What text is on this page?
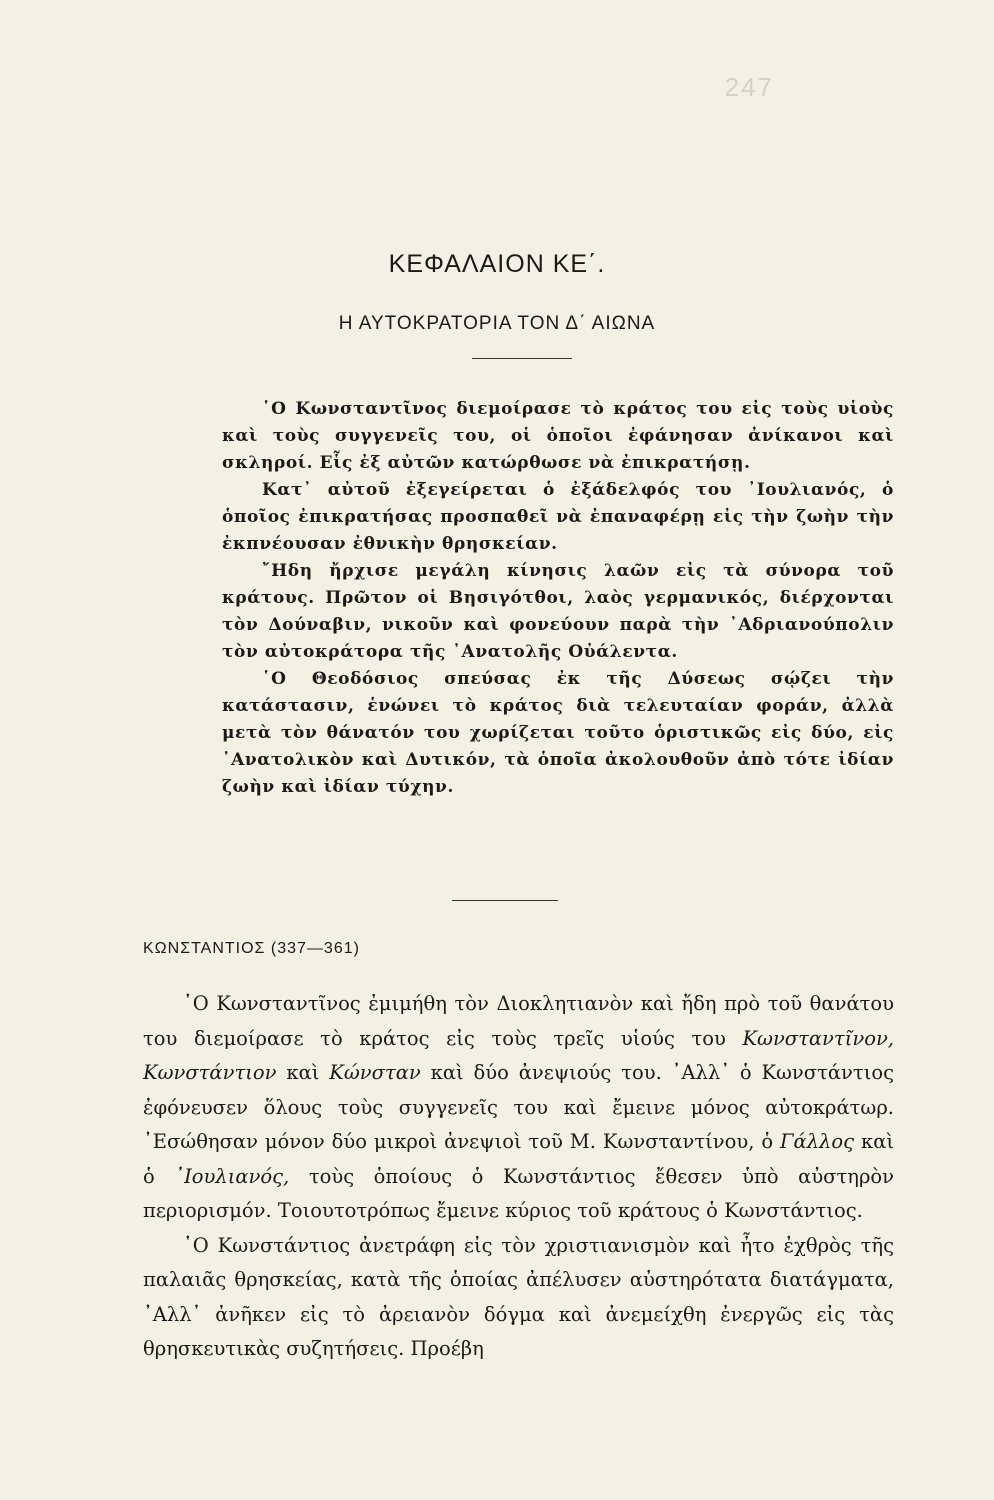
247
ΚΕΦΑΛΑΙΟΝ ΚΕ΄.
Η ΑΥΤΟΚΡΑΤΟΡΙΑ ΤΟΝ Δ΄ ΑΙΩΝΑ

῾Ο Κωνσταντῖνος διεμοίρασε τὸ κράτος του εἰς τοὺς υἱοὺς καὶ τοὺς συγγενεῖς του, οἱ ὁποῖοι ἐφάνησαν ἀνίκανοι καὶ σκληροί. Εἷς ἐξ αὐτῶν κατώρθωσε νὰ ἐπικρατήσῃ.

Κατ᾽ αὐτοῦ ἐξεγείρεται ὁ ἐξάδελφός του ᾽Ιουλιανός, ὁ ὁποῖος ἐπικρατήσας προσπαθεῖ νὰ ἐπαναφέρῃ εἰς τὴν ζωὴν τὴν ἐκπνέουσαν ἐθνικὴν θρησκείαν.

῎Ηδη ἤρχισε μεγάλη κίνησις λαῶν εἰς τὰ σύνορα τοῦ κράτους. Πρῶτον οἱ Βησιγότθοι, λαὸς γερμανικός, διέρχονται τὸν Δούναβιν, νικοῦν καὶ φονεύουν παρὰ τὴν ᾽Αδριανούπολιν τὸν αὐτοκράτορα τῆς ᾽Ανατολῆς Οὐάλεντα.

῾Ο Θεοδόσιος σπεύσας ἐκ τῆς Δύσεως σῴζει τὴν κατάστασιν, ἑνώνει τὸ κράτος διὰ τελευταίαν φοράν, ἀλλὰ μετὰ τὸν θάνατόν του χωρίζεται τοῦτο ὁριστικῶς εἰς δύο, εἰς ᾽Ανατολικὸν καὶ Δυτικόν, τὰ ὁποῖα ἀκολουθοῦν ἀπὸ τότε ἰδίαν ζωὴν καὶ ἰδίαν τύχην.

ΚΩΝΣΤΑΝΤΙΟΣ (337—361)

῾Ο Κωνσταντῖνος ἐμιμήθη τὸν Διοκλητιανὸν καὶ ἤδη πρὸ τοῦ θανάτου του διεμοίρασε τὸ κράτος εἰς τοὺς τρεῖς υἱούς του Κωνσταντῖνον, Κωνστάντιον καὶ Κώνσταν καὶ δύο ἀνεψιούς του. ᾽Αλλ᾽ ὁ Κωνστάντιος ἐφόνευσεν ὅλους τοὺς συγγενεῖς του καὶ ἔμεινε μόνος αὐτοκράτωρ. ᾽Εσώθησαν μόνον δύο μικροὶ ἀνεψιοὶ τοῦ Μ. Κωνσταντίνου, ὁ Γάλλος καὶ ὁ ᾽Ιουλιανός, τοὺς ὁποίους ὁ Κωνστάντιος ἔθεσεν ὑπὸ αὐστηρὸν περιορισμόν. Τοιουτοτρόπως ἔμεινε κύριος τοῦ κράτους ὁ Κωνστάντιος.

῾Ο Κωνστάντιος ἀνετράφη εἰς τὸν χριστιανισμὸν καὶ ἦτο ἐχθρὸς τῆς παλαιᾶς θρησκείας, κατὰ τῆς ὁποίας ἀπέλυσεν αὐστηρότατα διατάγματα, ᾽Αλλ᾽ ἀνῆκεν εἰς τὸ ἀρειανὸν δόγμα καὶ ἀνεμείχθη ἐνεργῶς εἰς τὰς θρησκευτικὰς συζητήσεις. Προέβη
